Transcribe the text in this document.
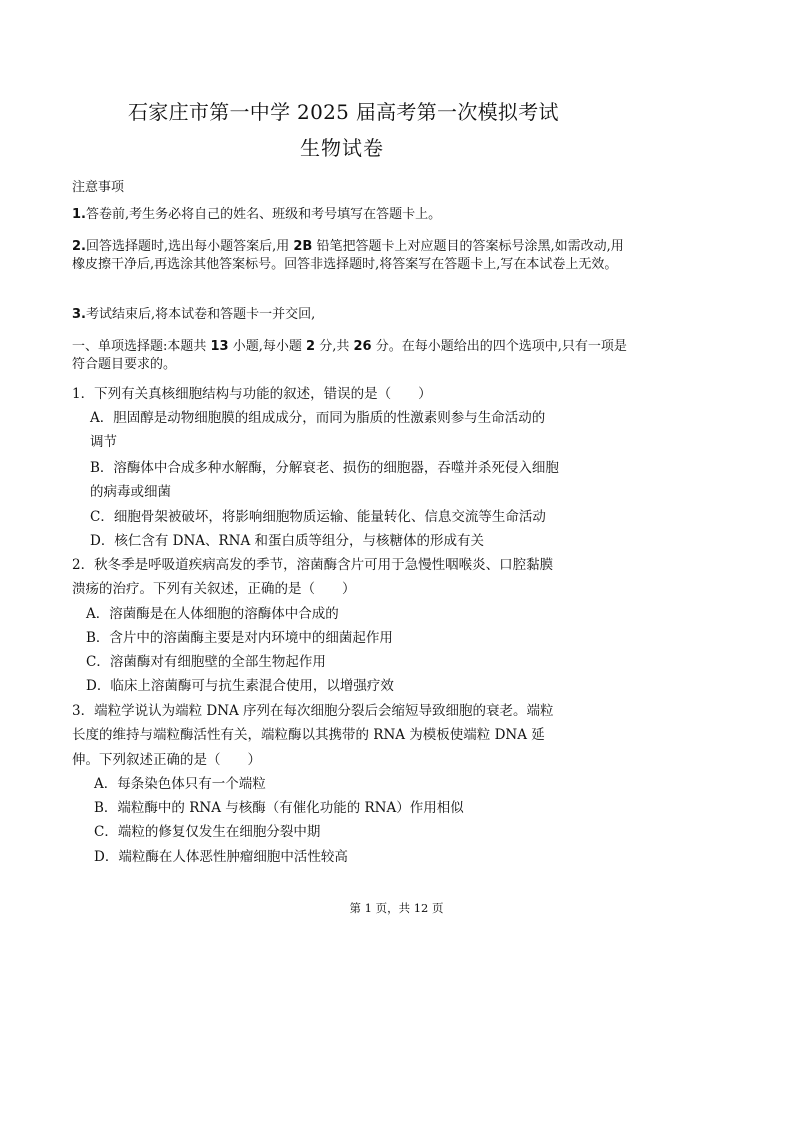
石家庄市第一中学 2025 届高考第一次模拟考试
生物试卷
注意事项
1.答卷前,考生务必将自己的姓名、班级和考号填写在答题卡上。
2.回答选择题时,选出每小题答案后,用 2B 铅笔把答题卡上对应题目的答案标号涂黑,如需改动,用橡皮擦干净后,再选涂其他答案标号。回答非选择题时,将答案写在答题卡上,写在本试卷上无效。
3.考试结束后,将本试卷和答题卡一并交回,
一、单项选择题:本题共 13 小题,每小题 2 分,共 26 分。在每小题给出的四个选项中,只有一项是符合题目要求的。
1．下列有关真核细胞结构与功能的叙述，错误的是（　　）
A．胆固醇是动物细胞膜的组成成分，而同为脂质的性激素则参与生命活动的
调节
B．溶酶体中合成多种水解酶，分解衰老、损伤的细胞器，吞噬并杀死侵入细胞
的病毒或细菌
C．细胞骨架被破坏，将影响细胞物质运输、能量转化、信息交流等生命活动
D．核仁含有 DNA、RNA 和蛋白质等组分，与核糖体的形成有关
2．秋冬季是呼吸道疾病高发的季节，溶菌酶含片可用于急慢性咽喉炎、口腔黏膜
溃疡的治疗。下列有关叙述，正确的是（　　）
A．溶菌酶是在人体细胞的溶酶体中合成的
B．含片中的溶菌酶主要是对内环境中的细菌起作用
C．溶菌酶对有细胞壁的全部生物起作用
D．临床上溶菌酶可与抗生素混合使用，以增强疗效
3．端粒学说认为端粒 DNA 序列在每次细胞分裂后会缩短导致细胞的衰老。端粒
长度的维持与端粒酶活性有关，端粒酶以其携带的 RNA 为模板使端粒 DNA 延
伸。下列叙述正确的是（　　）
A．每条染色体只有一个端粒
B．端粒酶中的 RNA 与核酶（有催化功能的 RNA）作用相似
C．端粒的修复仅发生在细胞分裂中期
D．端粒酶在人体恶性肿瘤细胞中活性较高
第 1 页，共 12 页
